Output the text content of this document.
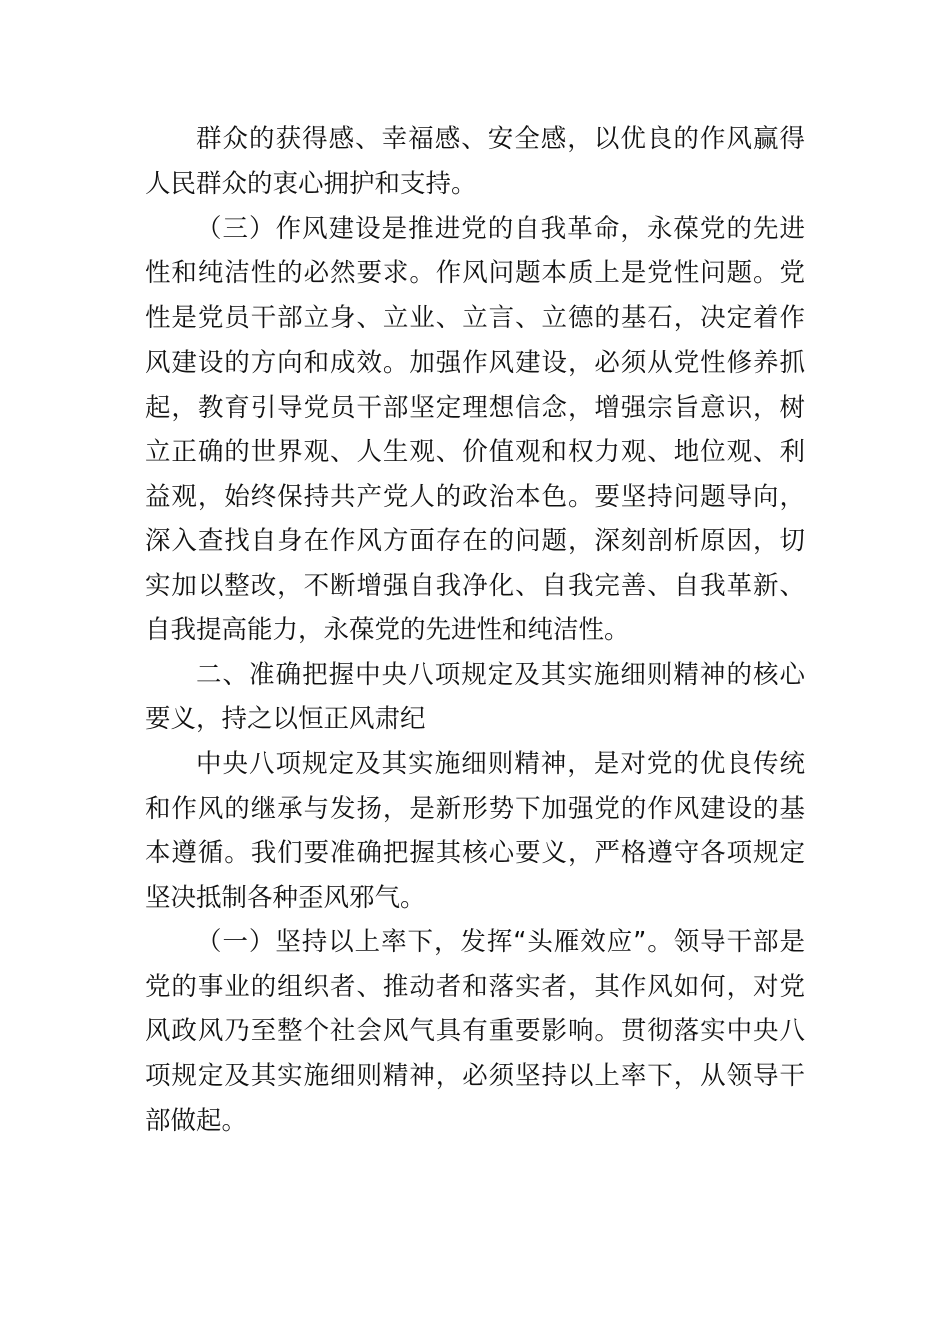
群众的获得感、幸福感、安全感，以优良的作风赢得
人民群众的衷心拥护和支持。
（三）作风建设是推进党的自我革命，永葆党的先进
性和纯洁性的必然要求。作风问题本质上是党性问题。党
性是党员干部立身、立业、立言、立德的基石，决定着作
风建设的方向和成效。加强作风建设，必须从党性修养抓
起，教育引导党员干部坚定理想信念，增强宗旨意识，树
立正确的世界观、人生观、价值观和权力观、地位观、利
益观，始终保持共产党人的政治本色。要坚持问题导向，
深入查找自身在作风方面存在的问题，深刻剖析原因，切
实加以整改，不断增强自我净化、自我完善、自我革新、
自我提高能力，永葆党的先进性和纯洁性。
二、准确把握中央八项规定及其实施细则精神的核心
要义，持之以恒正风肃纪
中央八项规定及其实施细则精神，是对党的优良传统
和作风的继承与发扬，是新形势下加强党的作风建设的基
本遵循。我们要准确把握其核心要义，严格遵守各项规定
坚决抵制各种歪风邪气。
（一）坚持以上率下，发挥“头雁效应”。领导干部是
党的事业的组织者、推动者和落实者，其作风如何，对党
风政风乃至整个社会风气具有重要影响。贯彻落实中央八
项规定及其实施细则精神，必须坚持以上率下，从领导干
部做起。
